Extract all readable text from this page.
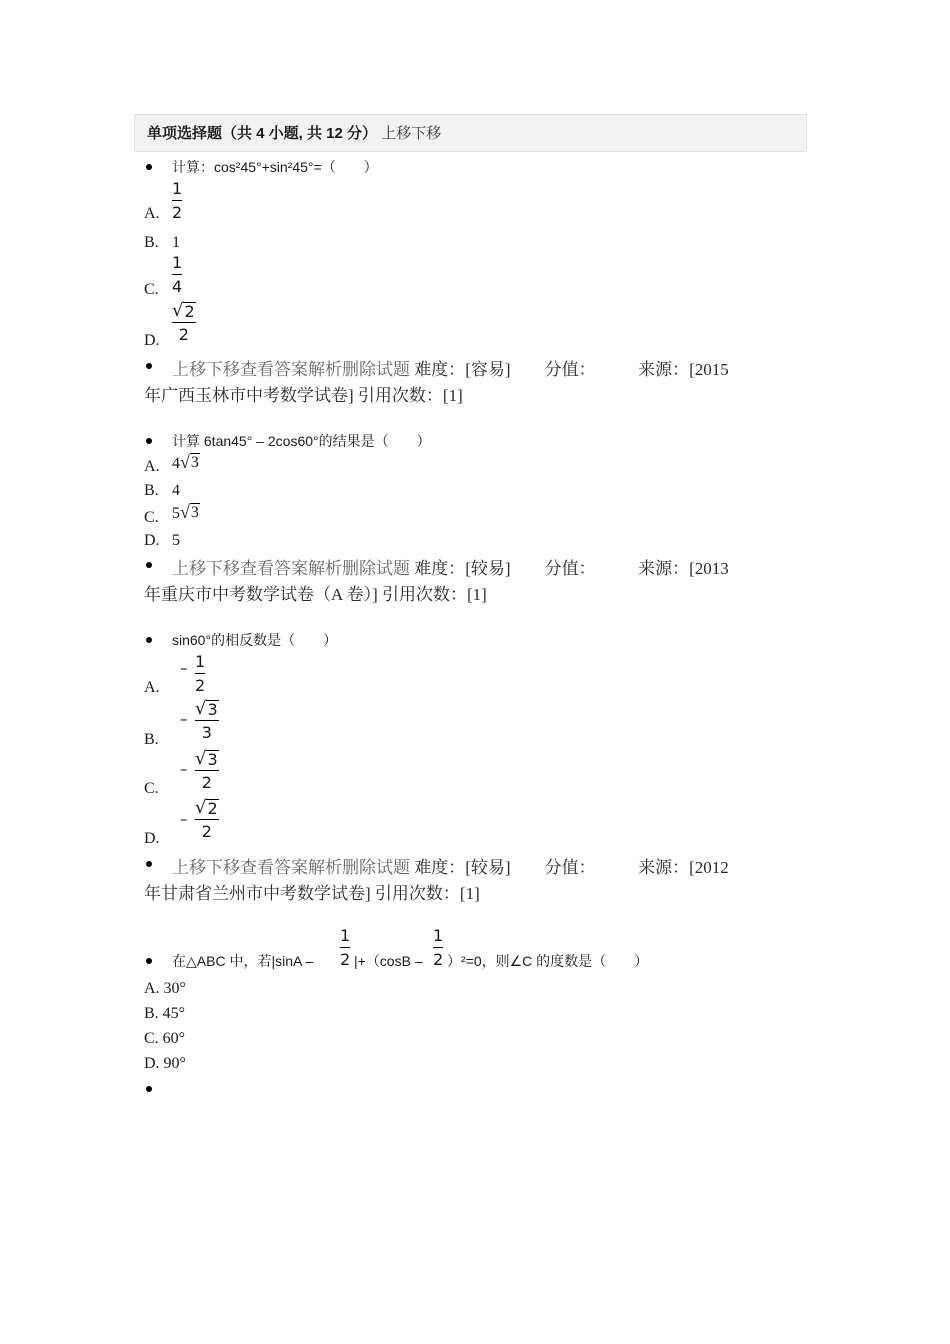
单项选择题（共 4 小题, 共 12 分） 上移下移
计算：cos²45°+sin²45°=（　　）
A.
1
2
B. 1
C.
1
4
D.
√ 2
2
上移下移查看答案解析删除试题 难度：[容易]　　分值：　　　来源：[2015
年广西玉林市中考数学试卷] 引用次数：[1]
计算 6tan45° – 2cos60°的结果是（　　）
A. 4 √ 3
B. 4
C. 5 √ 3
D. 5
上移下移查看答案解析删除试题 难度：[较易]　　分值：　　　来源：[2013
年重庆市中考数学试卷（A 卷）] 引用次数：[1]
sin60°的相反数是（　　）
A.
– 1
2
B.
– √ 3
3
C.
– √ 3
2
D.
–
√ 2
2
上移下移查看答案解析删除试题 难度：[较易]　　分值：　　　来源：[2012
年甘肃省兰州市中考数学试卷] 引用次数：[1]
在△ABC 中，若|sinA –
1
2 |+（cosB –
1
2 ）²=0，则∠C 的度数是（　　）
A. 30°
B. 45°
C. 60°
D. 90°
